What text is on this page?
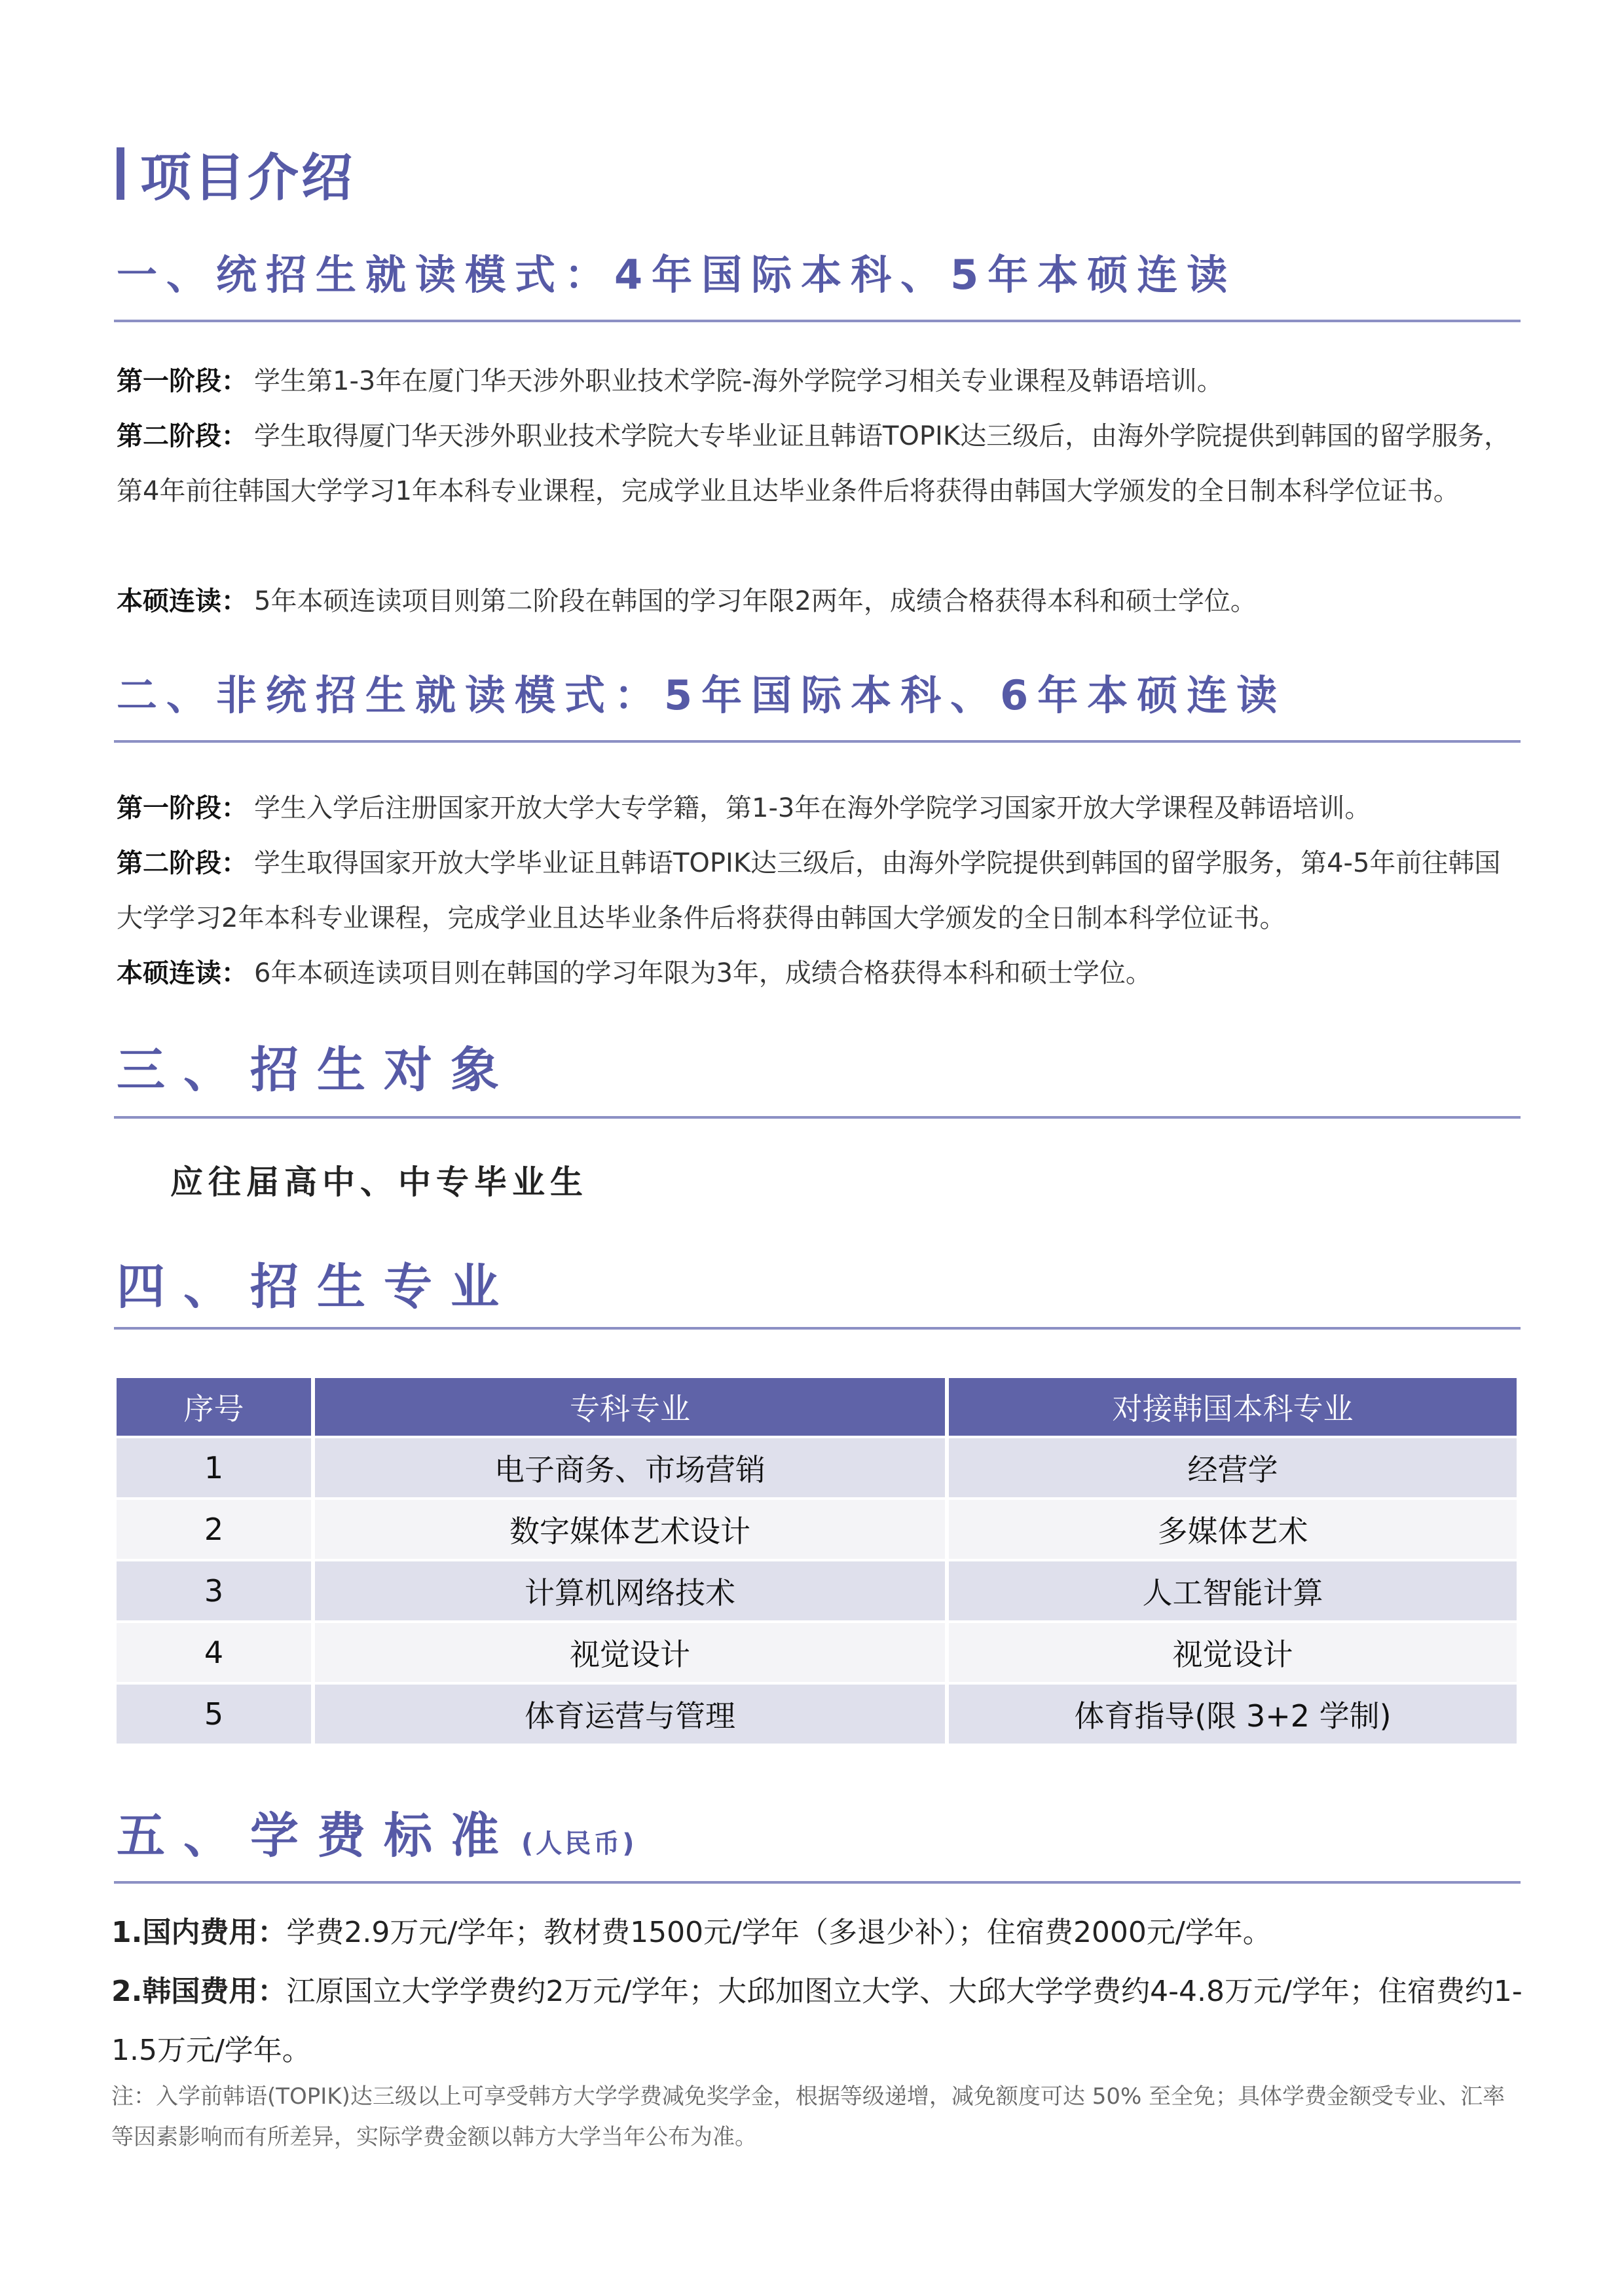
项目介绍
一、统招生就读模式：4年国际本科、5年本硕连读
第一阶段： 学生第1-3年在厦门华天涉外职业技术学院-海外学院学习相关专业课程及韩语培训。
第二阶段： 学生取得厦门华天涉外职业技术学院大专毕业证且韩语TOPIK达三级后，由海外学院提供到韩国的留学服务，第4年前往韩国大学学习1年本科专业课程，完成学业且达毕业条件后将获得由韩国大学颁发的全日制本科学位证书。
本硕连读： 5年本硕连读项目则第二阶段在韩国的学习年限2两年，成绩合格获得本科和硕士学位。
二、非统招生就读模式：5年国际本科、6年本硕连读
第一阶段： 学生入学后注册国家开放大学大专学籍，第1-3年在海外学院学习国家开放大学课程及韩语培训。
第二阶段： 学生取得国家开放大学毕业证且韩语TOPIK达三级后，由海外学院提供到韩国的留学服务，第4-5年前往韩国大学学习2年本科专业课程，完成学业且达毕业条件后将获得由韩国大学颁发的全日制本科学位证书。
本硕连读： 6年本硕连读项目则在韩国的学习年限为3年，成绩合格获得本科和硕士学位。
三、招生对象
应往届高中、中专毕业生
四、招生专业
序号	专科专业	对接韩国本科专业
1	电子商务、市场营销	经营学
2	数字媒体艺术设计	多媒体艺术
3	计算机网络技术	人工智能计算
4	视觉设计	视觉设计
5	体育运营与管理	体育指导(限 3+2 学制)
五、学费标准 (人民币)
1.国内费用：学费2.9万元/学年；教材费1500元/学年（多退少补）；住宿费2000元/学年。
2.韩国费用：江原国立大学学费约2万元/学年；大邱加图立大学、大邱大学学费约4-4.8万元/学年；住宿费约1-1.5万元/学年。
注：入学前韩语(TOPIK)达三级以上可享受韩方大学学费减免奖学金，根据等级递增，减免额度可达 50% 至全免；具体学费金额受专业、汇率等因素影响而有所差异，实际学费金额以韩方大学当年公布为准。
